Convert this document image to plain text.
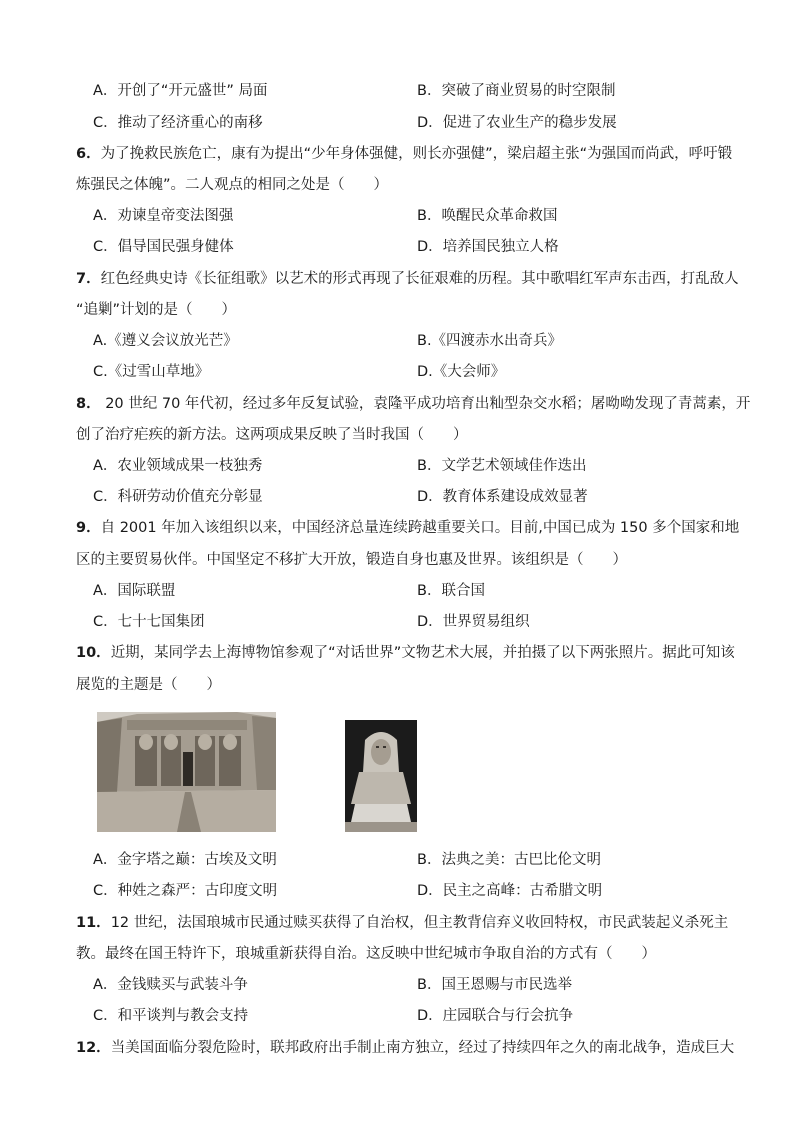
A．开创了“开元盛世” 局面	B．突破了商业贸易的时空限制
C．推动了经济重心的南移	D．促进了农业生产的稳步发展
6．为了挽救民族危亡，康有为提出“少年身体强健，则长亦强健”，梁启超主张“为强国而尚武，呼吁锻
炼强民之体魄”。二人观点的相同之处是（　　）
A．劝谏皇帝变法图强	B．唤醒民众革命救国
C．倡导国民强身健体	D．培养国民独立人格
7．红色经典史诗《长征组歌》以艺术的形式再现了长征艰难的历程。其中歌唱红军声东击西，打乱敌人
“追剿”计划的是（　　）
A.《遵义会议放光芒》	B.《四渡赤水出奇兵》
C.《过雪山草地》	D.《大会师》
8． 20 世纪 70 年代初，经过多年反复试验，袁隆平成功培育出籼型杂交水稻；屠呦呦发现了青蒿素，开
创了治疗疟疾的新方法。这两项成果反映了当时我国（　　）
A．农业领域成果一枝独秀	B．文学艺术领域佳作迭出
C．科研劳动价值充分彰显	D．教育体系建设成效显著
9．自 2001 年加入该组织以来，中国经济总量连续跨越重要关口。目前,中国已成为 150 多个国家和地
区的主要贸易伙伴。中国坚定不移扩大开放，锻造自身也惠及世界。该组织是（　　）
A．国际联盟	B．联合国
C．七十七国集团	D．世界贸易组织
10．近期，某同学去上海博物馆参观了“对话世界”文物艺术大展，并拍摄了以下两张照片。据此可知该
展览的主题是（　　）
A．金字塔之巅：古埃及文明	B．法典之美：古巴比伦文明
C．种姓之森严：古印度文明	D．民主之高峰：古希腊文明
11．12 世纪，法国琅城市民通过赎买获得了自治权，但主教背信弃义收回特权，市民武装起义杀死主
教。最终在国王特许下，琅城重新获得自治。这反映中世纪城市争取自治的方式有（　　）
A．金钱赎买与武装斗争	B．国王恩赐与市民选举
C．和平谈判与教会支持	D．庄园联合与行会抗争
12．当美国面临分裂危险时，联邦政府出手制止南方独立，经过了持续四年之久的南北战争，造成巨大
